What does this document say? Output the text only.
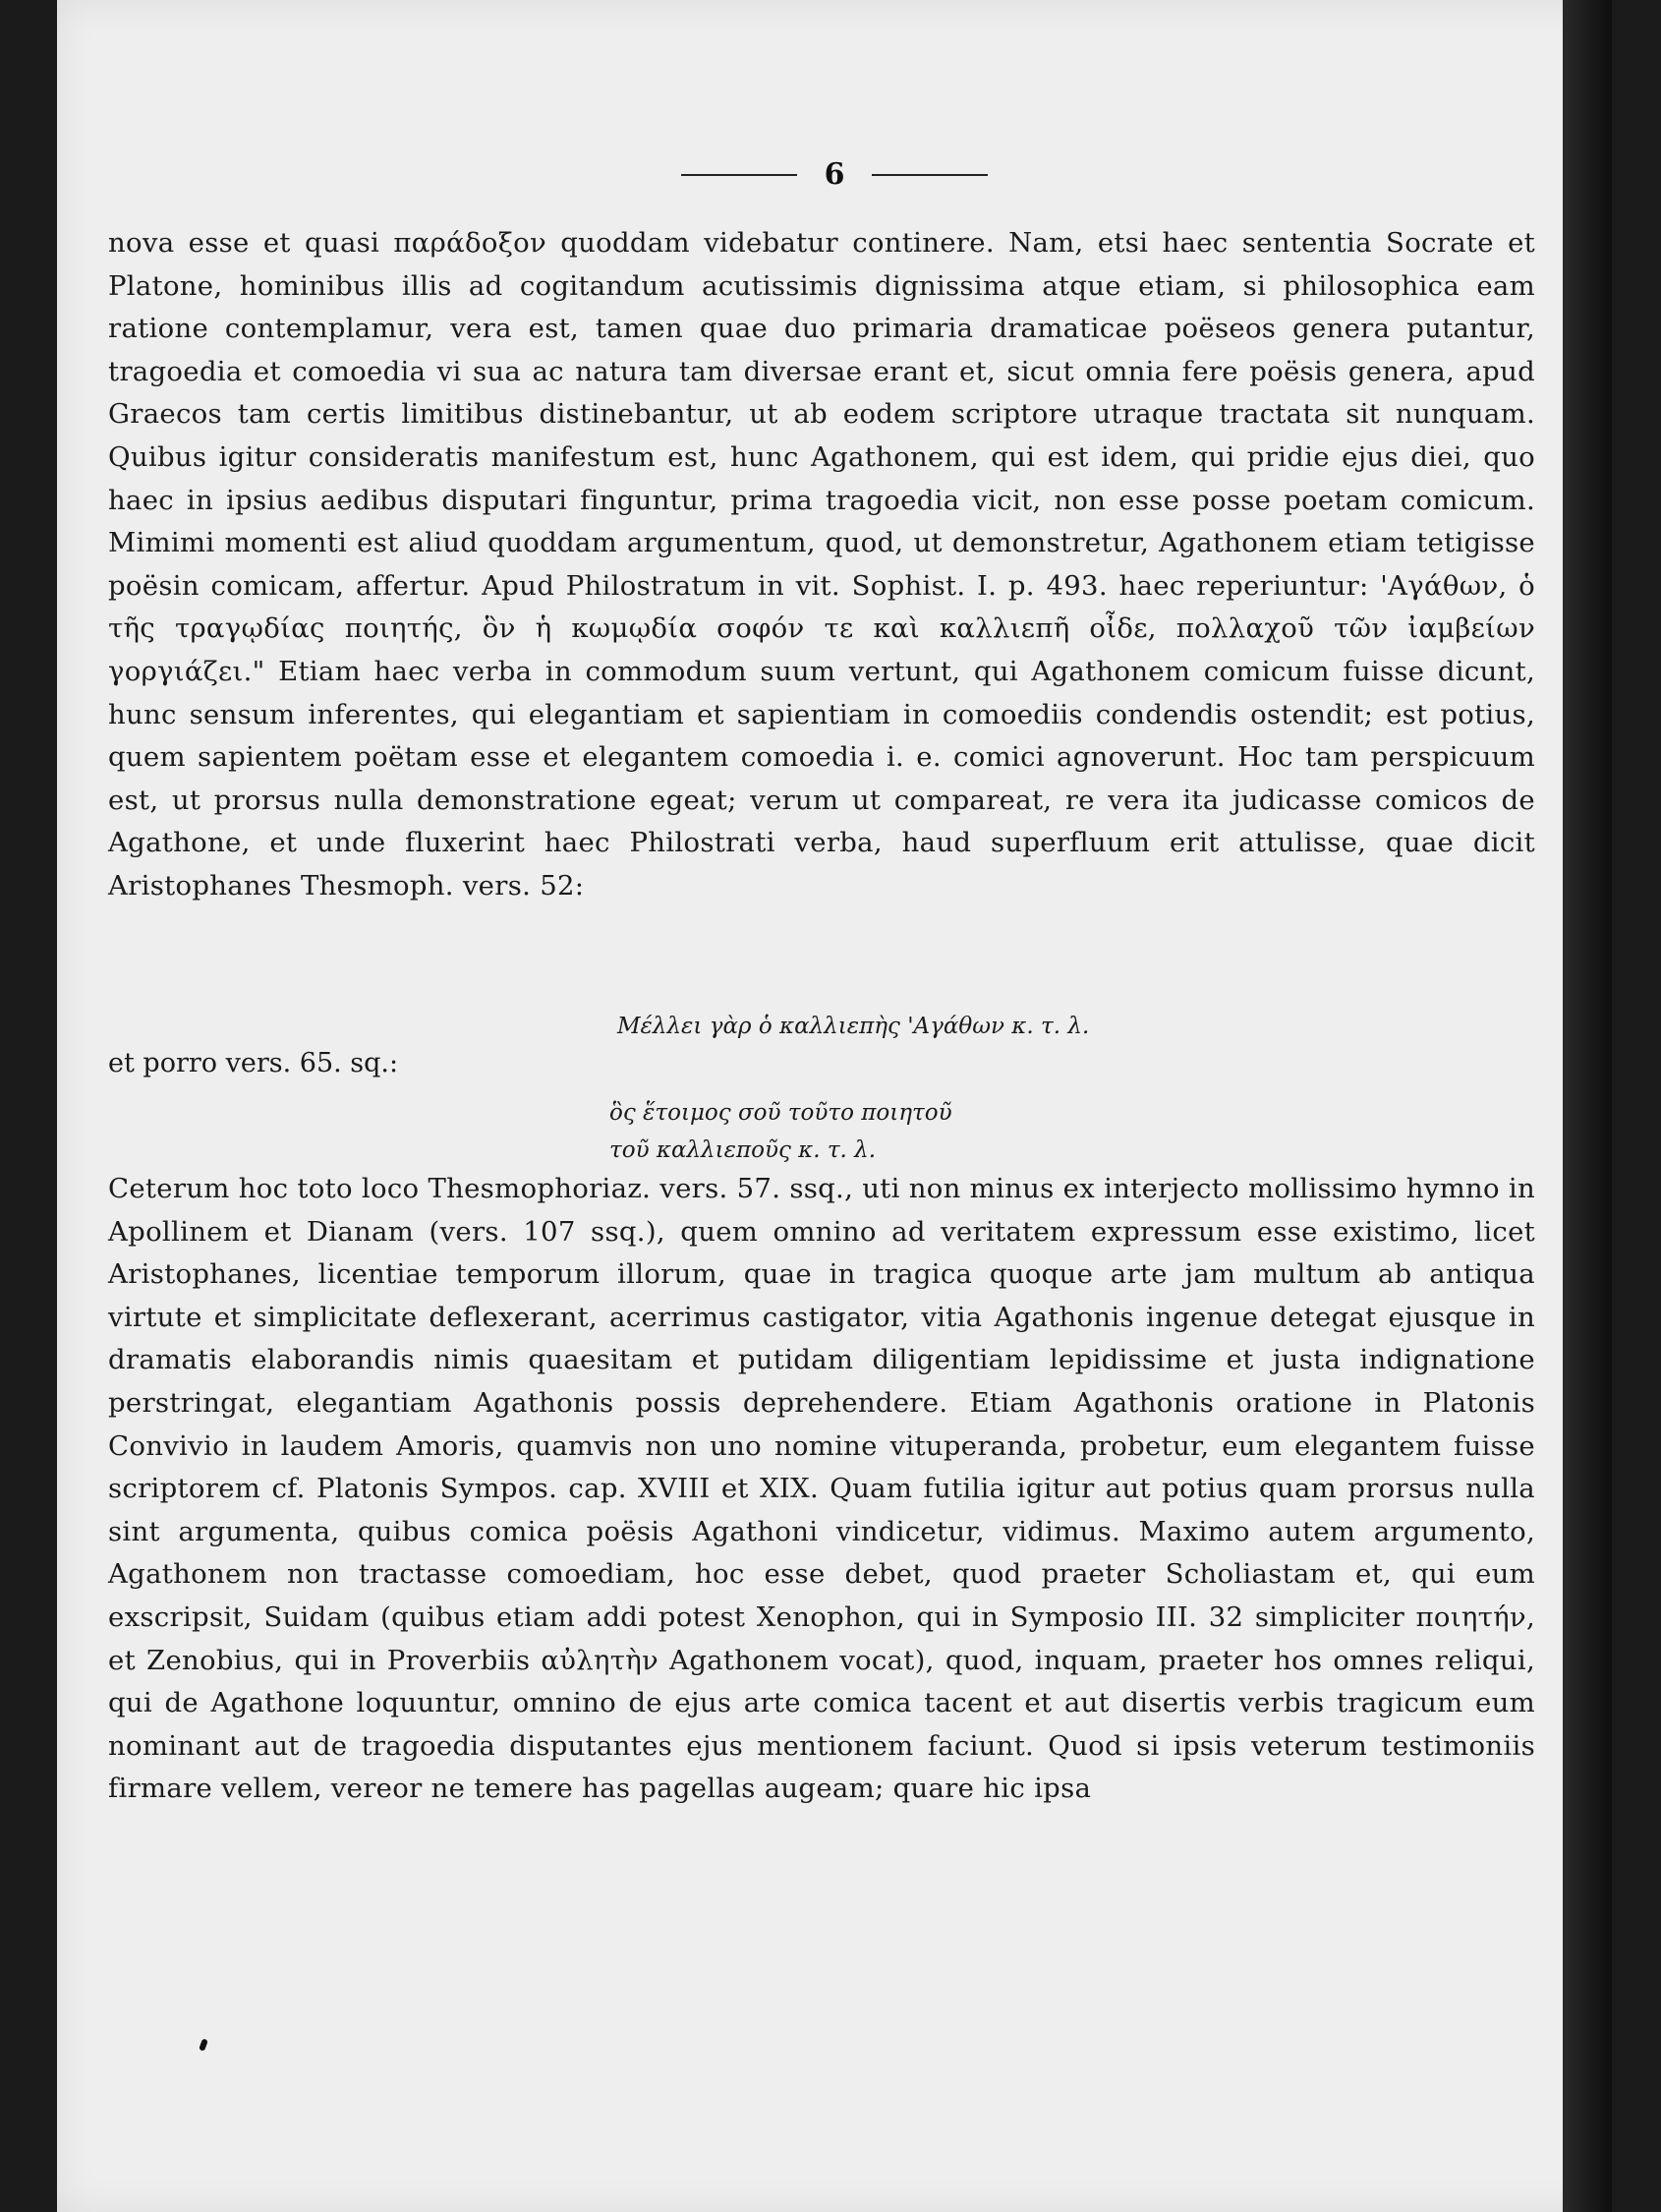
6

nova esse et quasi παράδοξον quoddam videbatur continere. Nam, etsi haec sententia Socrate et Platone, hominibus illis ad cogitandum acutissimis dignissima atque etiam, si philosophica eam ratione contemplamur, vera est, tamen quae duo primaria dramaticae poëseos genera putantur, tragoedia et comoedia vi sua ac natura tam diversae erant et, sicut omnia fere poësis genera, apud Graecos tam certis limitibus distinebantur, ut ab eodem scriptore utraque tractata sit nunquam. Quibus igitur consideratis manifestum est, hunc Agathonem, qui est idem, qui pridie ejus diei, quo haec in ipsius aedibus disputari finguntur, prima tragoedia vicit, non esse posse poetam comicum. Mimimi momenti est aliud quoddam argumentum, quod, ut demonstretur, Agathonem etiam tetigisse poësin comicam, affertur. Apud Philostratum in vit. Sophist. I. p. 493. haec reperiuntur: 'Αγάθων, ὁ τῆς τραγῳδίας ποιητής, ὃν ἡ κωμῳδία σοφόν τε καὶ καλλιεπῆ οἶδε, πολλαχοῦ τῶν ἰαμβείων γοργιάζει." Etiam haec verba in commodum suum vertunt, qui Agathonem comicum fuisse dicunt, hunc sensum inferentes, qui elegantiam et sapientiam in comoediis condendis ostendit; est potius, quem sapientem poëtam esse et elegantem comoedia i. e. comici agnoverunt. Hoc tam perspicuum est, ut prorsus nulla demonstratione egeat; verum ut compareat, re vera ita judicasse comicos de Agathone, et unde fluxerint haec Philostrati verba, haud superfluum erit attulisse, quae dicit Aristophanes Thesmoph. vers. 52:

Μέλλει γὰρ ὁ καλλιεπὴς 'Αγάθων κ. τ. λ.
et porro vers. 65. sq.:
ὃς ἕτοιμος σοῦ τοῦτο ποιητοῦ
τοῦ καλλιεποῦς κ. τ. λ.

Ceterum hoc toto loco Thesmophoriaz. vers. 57. ssq., uti non minus ex interjecto mollissimo hymno in Apollinem et Dianam (vers. 107 ssq.), quem omnino ad veritatem expressum esse existimo, licet Aristophanes, licentiae temporum illorum, quae in tragica quoque arte jam multum ab antiqua virtute et simplicitate deflexerant, acerrimus castigator, vitia Agathonis ingenue detegat ejusque in dramatis elaborandis nimis quaesitam et putidam diligentiam lepidissime et justa indignatione perstringat, elegantiam Agathonis possis deprehendere. Etiam Agathonis oratione in Platonis Convivio in laudem Amoris, quamvis non uno nomine vituperanda, probetur, eum elegantem fuisse scriptorem cf. Platonis Sympos. cap. XVIII et XIX. Quam futilia igitur aut potius quam prorsus nulla sint argumenta, quibus comica poësis Agathoni vindicetur, vidimus. Maximo autem argumento, Agathonem non tractasse comoediam, hoc esse debet, quod praeter Scholiastam et, qui eum exscripsit, Suidam (quibus etiam addi potest Xenophon, qui in Symposio III. 32 simpliciter ποιητήν, et Zenobius, qui in Proverbiis αὐλητὴν Agathonem vocat), quod, inquam, praeter hos omnes reliqui, qui de Agathone loquuntur, omnino de ejus arte comica tacent et aut disertis verbis tragicum eum nominant aut de tragoedia disputantes ejus mentionem faciunt. Quod si ipsis veterum testimoniis firmare vellem, vereor ne temere has pagellas augeam; quare hic ipsa
